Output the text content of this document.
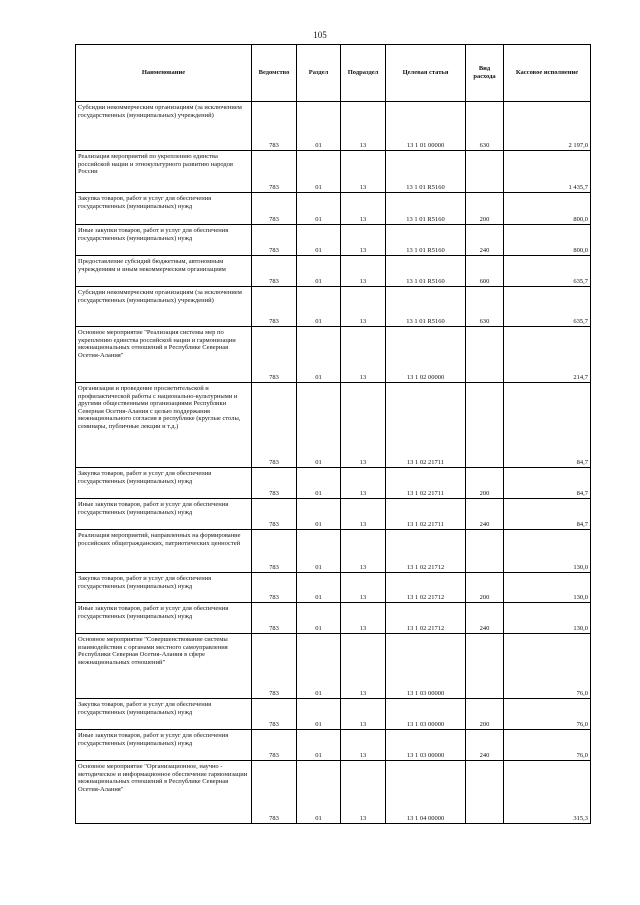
105
Наименование	Ведомство	Раздел	Подраздел	Целевая статья	Вид расхода	Кассовое исполнение

Субсидии некоммерческим организациям (за исключением государственных (муниципальных) учреждений)	783	01	13	13 1 01 00000	630	2 197,0

Реализация мероприятий по укреплению единства российской нации и этнокультурного развитию народов России	783	01	13	13 1 01 R5160		1 435,7

Закупка товаров, работ и услуг для обеспечения государственных (муниципальных) нужд	783	01	13	13 1 01 R5160	200	800,0

Иные закупки товаров, работ и услуг для обеспечения государственных (муниципальных) нужд	783	01	13	13 1 01 R5160	240	800,0

Предоставление субсидий бюджетным, автономным учреждениям и иным некоммерческим организациям	783	01	13	13 1 01 R5160	600	635,7

Субсидии некоммерческим организациям (за исключением государственных (муниципальных) учреждений)	783	01	13	13 1 01 R5160	630	635,7

Основное мероприятие "Реализация системы мер по укреплению единства российской нации и гармонизации межнациональных отношений в Республике Северная Осетия-Алания"	783	01	13	13 1 02 00000		214,7

Организация и проведение просветительской и профилактической работы с национально-культурными и другими общественными организациями Республики Северная Осетия-Алания с целью поддержания межнационального согласия в республике (круглые столы, семинары, публичные лекции и т.д.)	783	01	13	13 1 02 21711		84,7

Закупка товаров, работ и услуг для обеспечения государственных (муниципальных) нужд	783	01	13	13 1 02 21711	200	84,7

Иные закупки товаров, работ и услуг для обеспечения государственных (муниципальных) нужд	783	01	13	13 1 02 21711	240	84,7

Реализация мероприятий, направленных на формирование российских общегражданских, патриотических ценностей	783	01	13	13 1 02 21712		130,0

Закупка товаров, работ и услуг для обеспечения государственных (муниципальных) нужд	783	01	13	13 1 02 21712	200	130,0

Иные закупки товаров, работ и услуг для обеспечения государственных (муниципальных) нужд	783	01	13	13 1 02 21712	240	130,0

Основное мероприятие "Совершенствование системы взаимодействия с органами местного самоуправления Республики Северная Осетия-Алания в сфере межнациональных отношений"	783	01	13	13 1 03 00000		76,0

Закупка товаров, работ и услуг для обеспечения государственных (муниципальных) нужд	783	01	13	13 1 03 00000	200	76,0

Иные закупки товаров, работ и услуг для обеспечения государственных (муниципальных) нужд	783	01	13	13 1 03 00000	240	76,0

Основное мероприятие "Организационное, научно - методическое и информационное обеспечение гармонизации межнациональных отношений в Республике Северная Осетия-Алания"	783	01	13	13 1 04 00000		315,3
